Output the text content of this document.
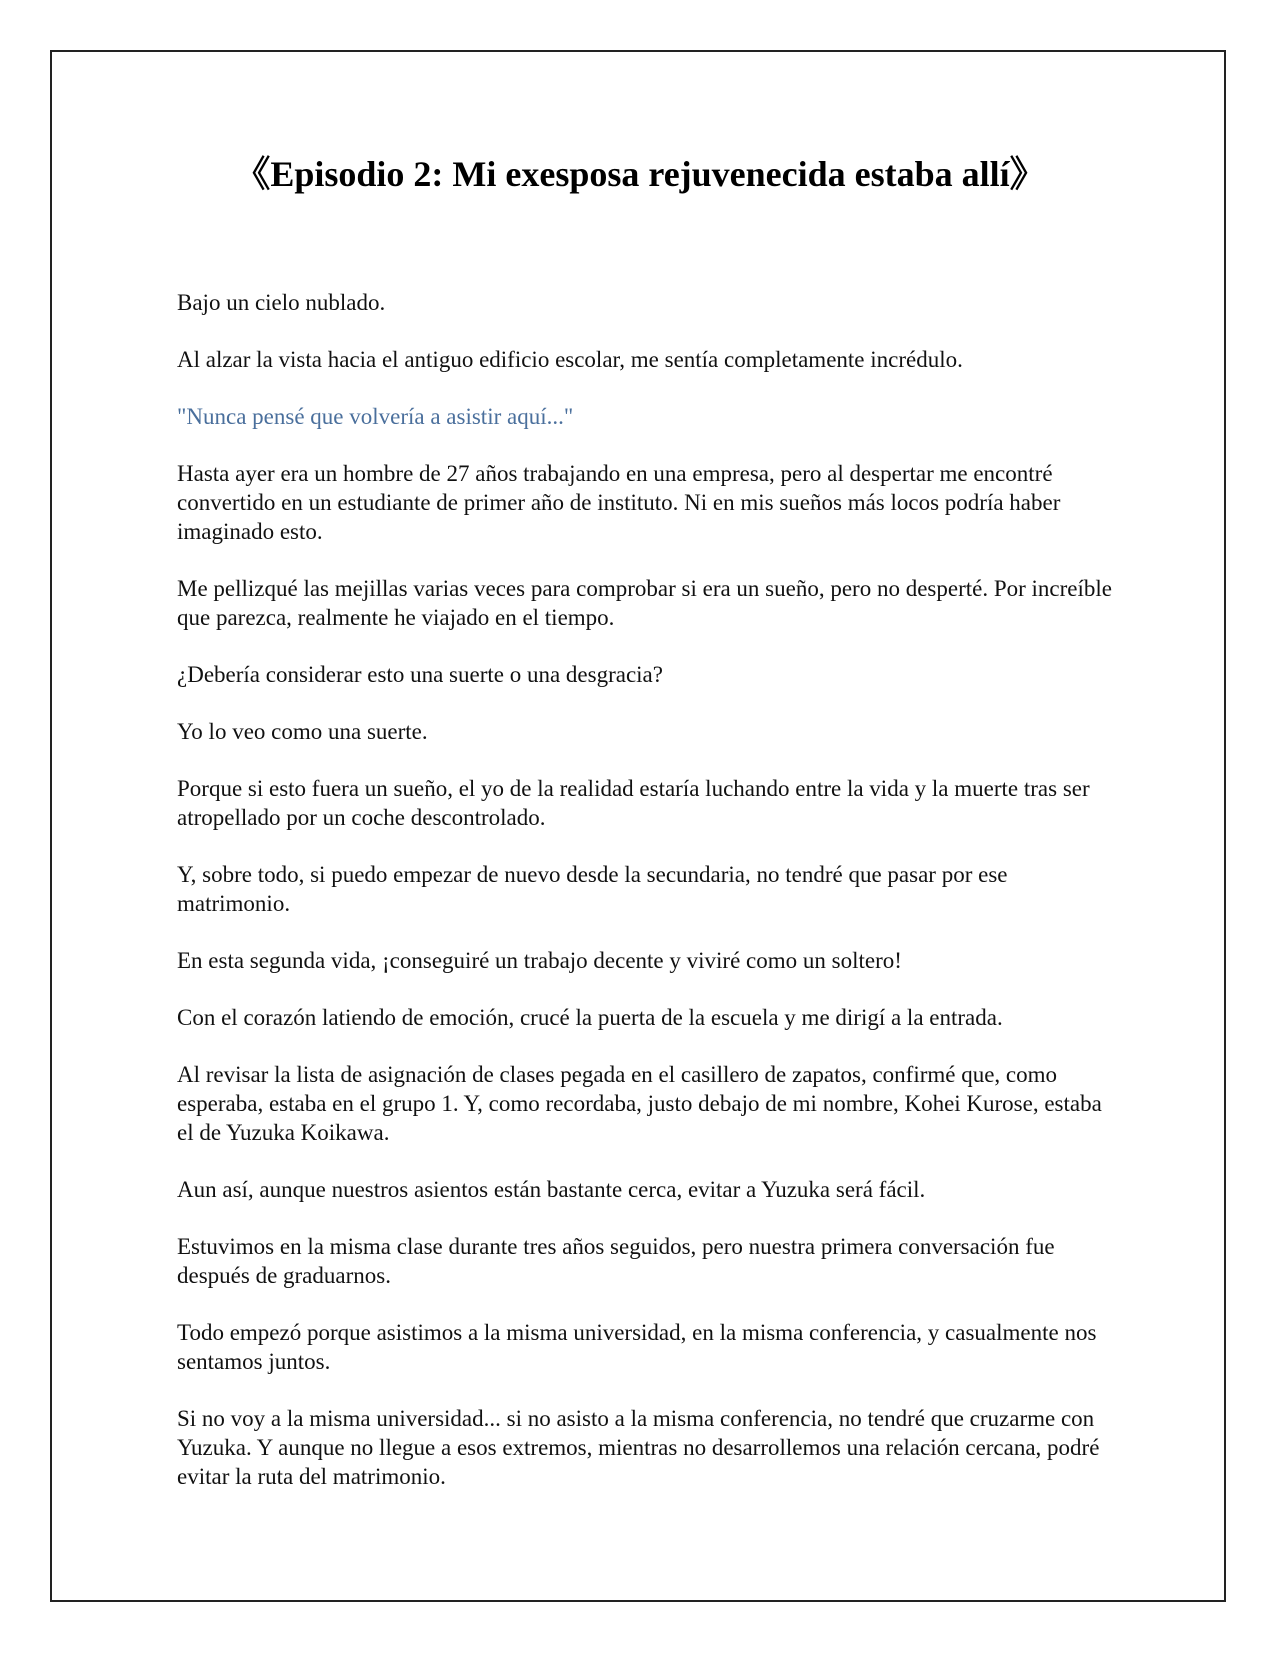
《Episodio 2: Mi exesposa rejuvenecida estaba allí》

Bajo un cielo nublado.

Al alzar la vista hacia el antiguo edificio escolar, me sentía completamente incrédulo.

"Nunca pensé que volvería a asistir aquí..."

Hasta ayer era un hombre de 27 años trabajando en una empresa, pero al despertar me encontré convertido en un estudiante de primer año de instituto. Ni en mis sueños más locos podría haber imaginado esto.

Me pellizqué las mejillas varias veces para comprobar si era un sueño, pero no desperté. Por increíble que parezca, realmente he viajado en el tiempo.

¿Debería considerar esto una suerte o una desgracia?

Yo lo veo como una suerte.

Porque si esto fuera un sueño, el yo de la realidad estaría luchando entre la vida y la muerte tras ser atropellado por un coche descontrolado.

Y, sobre todo, si puedo empezar de nuevo desde la secundaria, no tendré que pasar por ese matrimonio.

En esta segunda vida, ¡conseguiré un trabajo decente y viviré como un soltero!

Con el corazón latiendo de emoción, crucé la puerta de la escuela y me dirigí a la entrada.

Al revisar la lista de asignación de clases pegada en el casillero de zapatos, confirmé que, como esperaba, estaba en el grupo 1. Y, como recordaba, justo debajo de mi nombre, Kohei Kurose, estaba el de Yuzuka Koikawa.

Aun así, aunque nuestros asientos están bastante cerca, evitar a Yuzuka será fácil.

Estuvimos en la misma clase durante tres años seguidos, pero nuestra primera conversación fue después de graduarnos.

Todo empezó porque asistimos a la misma universidad, en la misma conferencia, y casualmente nos sentamos juntos.

Si no voy a la misma universidad... si no asisto a la misma conferencia, no tendré que cruzarme con Yuzuka. Y aunque no llegue a esos extremos, mientras no desarrollemos una relación cercana, podré evitar la ruta del matrimonio.
